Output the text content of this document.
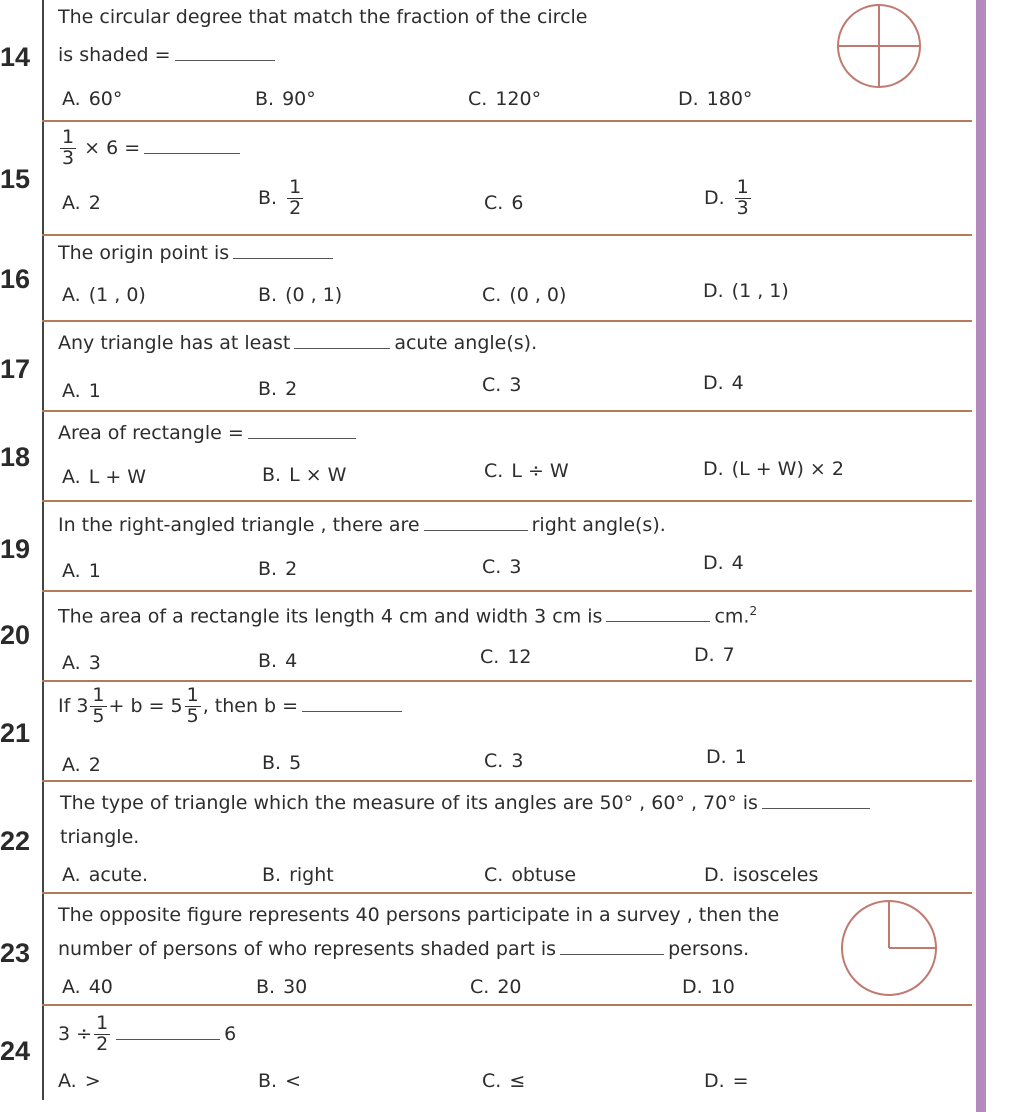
14
The circular degree that match the fraction of the circle
is shaded =
A. 60°	B. 90°	C. 120°	D. 180°
15
$\frac{1}{3} \times 6$ =
A. 2	B. $\frac{1}{2}$	C. 6	D. $\frac{1}{3}$
16
The origin point is
A. (1 , 0)	B. (0 , 1)	C. (0 , 0)	D. (1 , 1)
17
Any triangle has at least	acute angle(s).
A. 1	B. 2	C. 3	D. 4
18
Area of rectangle =
A. L + W	B. L × W	C. L ÷ W	D. (L + W) × 2
19
In the right-angled triangle , there are	right angle(s).
A. 1	B. 2	C. 3	D. 4
20
The area of a rectangle its length 4 cm and width 3 cm is	cm.$^2$
A. 3	B. 4	C. 12	D. 7
21
If $3 \frac{1}{5} + b = 5 \frac{1}{5}$ , then b =
A. 2	B. 5	C. 3	D. 1
22
The type of triangle which the measure of its angles are 50° , 60° , 70° is
triangle.
A. acute.	B. right	C. obtuse	D. isosceles
23
The opposite figure represents 40 persons participate in a survey , then the
number of persons of who represents shaded part is	persons.
A. 40	B. 30	C. 20	D. 10
24
$3 \div \frac{1}{2}$	6
A. >	B. <	C. ≤	D. =
